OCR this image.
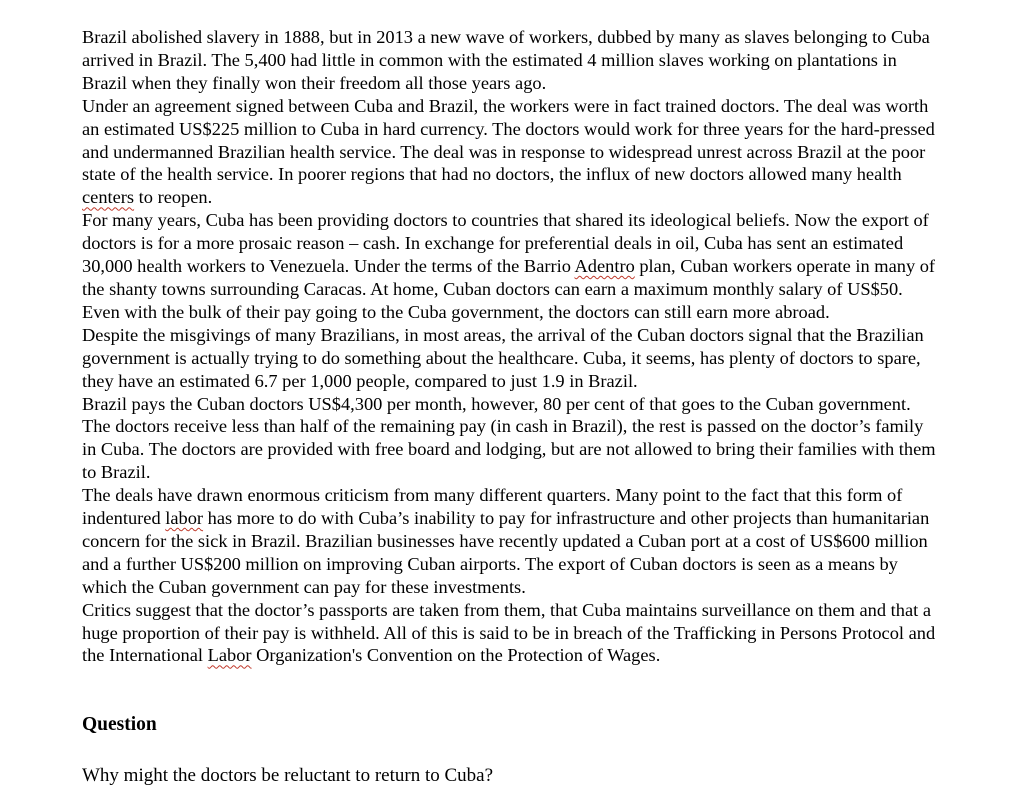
Brazil abolished slavery in 1888, but in 2013 a new wave of workers, dubbed by many as slaves belonging to Cuba arrived in Brazil. The 5,400 had little in common with the estimated 4 million slaves working on plantations in Brazil when they finally won their freedom all those years ago.

Under an agreement signed between Cuba and Brazil, the workers were in fact trained doctors. The deal was worth an estimated US$225 million to Cuba in hard currency. The doctors would work for three years for the hard-pressed and undermanned Brazilian health service. The deal was in response to widespread unrest across Brazil at the poor state of the health service. In poorer regions that had no doctors, the influx of new doctors allowed many health centers to reopen.

For many years, Cuba has been providing doctors to countries that shared its ideological beliefs. Now the export of doctors is for a more prosaic reason – cash. In exchange for preferential deals in oil, Cuba has sent an estimated 30,000 health workers to Venezuela. Under the terms of the Barrio Adentro plan, Cuban workers operate in many of the shanty towns surrounding Caracas. At home, Cuban doctors can earn a maximum monthly salary of US$50. Even with the bulk of their pay going to the Cuba government, the doctors can still earn more abroad.

Despite the misgivings of many Brazilians, in most areas, the arrival of the Cuban doctors signal that the Brazilian government is actually trying to do something about the healthcare. Cuba, it seems, has plenty of doctors to spare, they have an estimated 6.7 per 1,000 people, compared to just 1.9 in Brazil.

Brazil pays the Cuban doctors US$4,300 per month, however, 80 per cent of that goes to the Cuban government. The doctors receive less than half of the remaining pay (in cash in Brazil), the rest is passed on the doctor’s family in Cuba. The doctors are provided with free board and lodging, but are not allowed to bring their families with them to Brazil.

The deals have drawn enormous criticism from many different quarters. Many point to the fact that this form of indentured labor has more to do with Cuba’s inability to pay for infrastructure and other projects than humanitarian concern for the sick in Brazil. Brazilian businesses have recently updated a Cuban port at a cost of US$600 million and a further US$200 million on improving Cuban airports. The export of Cuban doctors is seen as a means by which the Cuban government can pay for these investments.

Critics suggest that the doctor’s passports are taken from them, that Cuba maintains surveillance on them and that a huge proportion of their pay is withheld. All of this is said to be in breach of the Trafficking in Persons Protocol and the International Labor Organization's Convention on the Protection of Wages.

Question

Why might the doctors be reluctant to return to Cuba?
